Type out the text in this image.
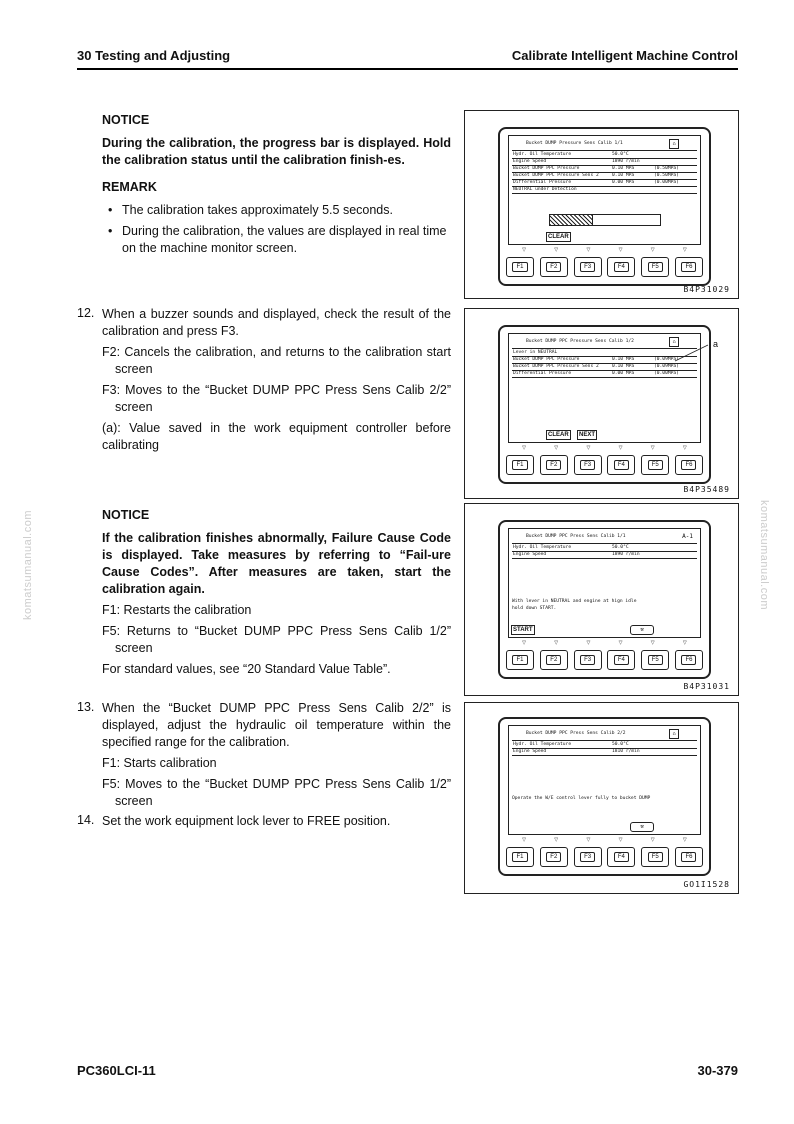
30 Testing and Adjusting	Calibrate Intelligent Machine Control
komatsumanual.com	komatsumanual.com
NOTICE
During the calibration, the progress bar is displayed. Hold the calibration status until the calibration finish-es.
REMARK
• The calibration takes approximately 5.5 seconds.
• During the calibration, the values are displayed in real time on the machine monitor screen.
12. When a buzzer sounds and displayed, check the result of the calibration and press F3.
F2: Cancels the calibration, and returns to the calibration start screen
F3: Moves to the “Bucket DUMP PPC Press Sens Calib 2/2” screen
(a): Value saved in the work equipment controller before calibrating
NOTICE
If the calibration finishes abnormally, Failure Cause Code is displayed. Take measures by referring to “Fail-ure Cause Codes”. After measures are taken, start the calibration again.
F1: Restarts the calibration
F5: Returns to “Bucket DUMP PPC Press Sens Calib 1/2” screen
For standard values, see “20 Standard Value Table”.
13. When the “Bucket DUMP PPC Press Sens Calib 2/2” is displayed, adjust the hydraulic oil temperature within the specified range for the calibration.
F1: Starts calibration
F5: Moves to the “Bucket DUMP PPC Press Sens Calib 1/2” screen
14. Set the work equipment lock lever to FREE position.
Bucket DUMP Pressure Sens Calib 1/1	⌂
Hydr. Oil Temperature	50.0°C
Engine Speed	1890 r/min
Bucket DUMP PPC Pressure	0.10 MPa	(0.50MPa)
Bucket DUMP PPC Pressure Sens 2	0.10 MPa	(0.50MPa)
Differential Pressure	0.00 MPa	(0.00MPa)
NEUTRAL under Detection
CLEAR
▽	▽	▽	▽	▽	▽
F1	F2	F3	F4	F5	F6
B4P31029
Bucket DUMP PPC Pressure Sens Calib 1/2	⌂
Lever in NEUTRAL
Bucket DUMP PPC Pressure	0.10 MPa	(0.09MPa)
Bucket DUMP PPC Pressure Sens 2	0.10 MPa	(0.09MPa)
Differential Pressure	0.00 MPa	(0.00MPa)
CLEAR	NEXT
▽	▽	▽	▽	▽	▽
F1	F2	F3	F4	F5	F6
a
B4P35489
Bucket DUMP PPC Press Sens Calib 1/1	A-1
Hydr. Oil Temperature	50.0°C
Engine Speed	1890 r/min
With lever in NEUTRAL and engine at hign idle
hold down START.
START	⚒
▽	▽	▽	▽	▽	▽
F1	F2	F3	F4	F5	F6
B4P31031
Bucket DUMP PPC Press Sens Calib 2/2	⌂
Hydr. Oil Temperature	50.0°C
Engine Speed	1810 r/min
Operate the W/E control lever fully to bucket DUMP
⚒
▽	▽	▽	▽	▽	▽
F1	F2	F3	F4	F5	F6
GO1I1528
PC360LCI-11	30-379
